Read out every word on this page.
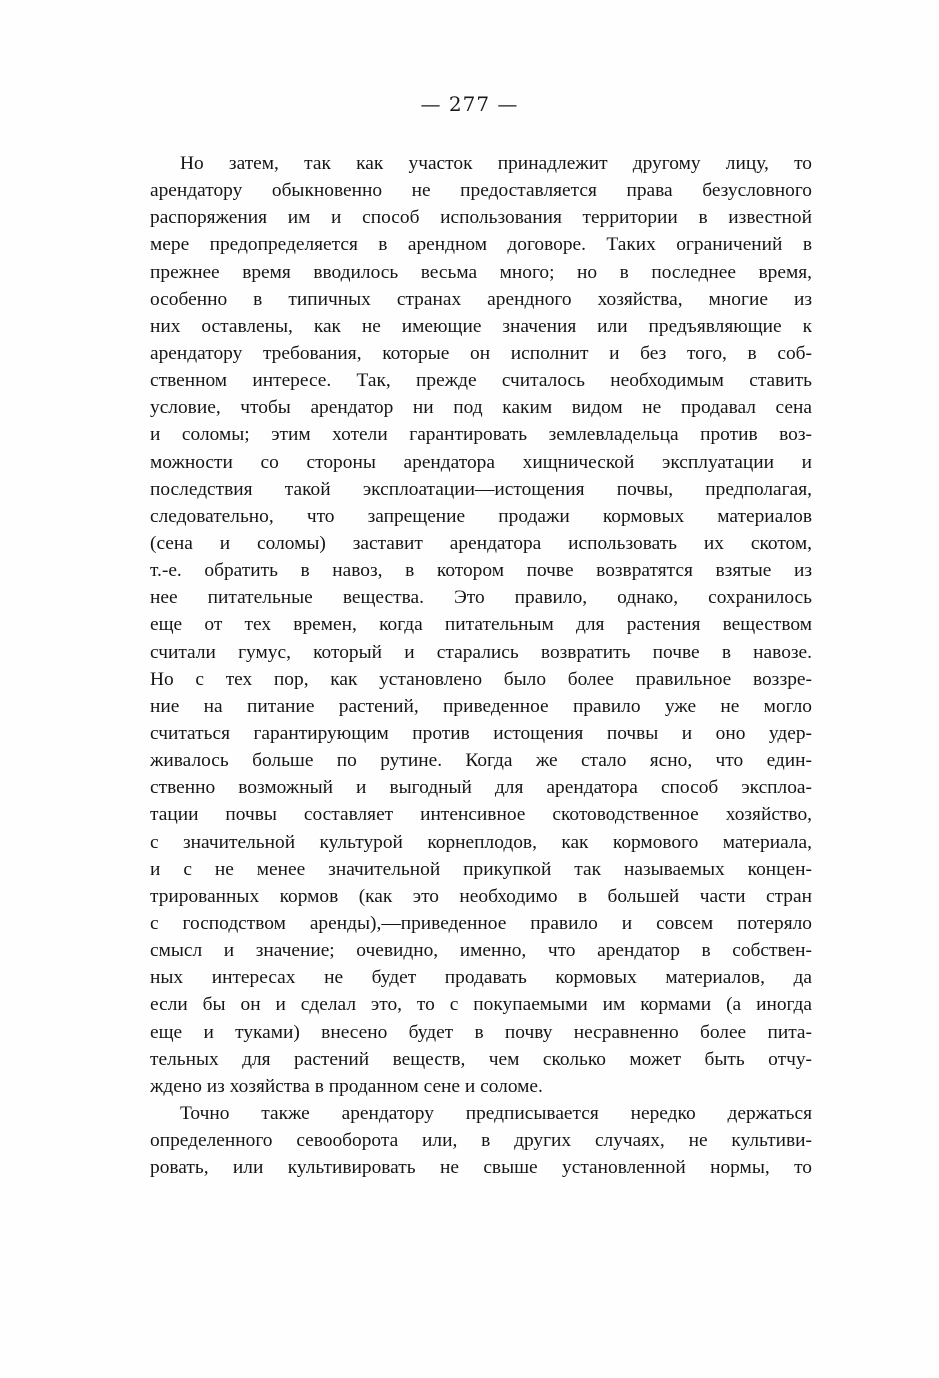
— 277 —
Но затем, так как участок принадлежит другому лицу, то
арендатору обыкновенно не предоставляется права безусловного
распоряжения им и способ использования территории в известной
мере предопределяется в арендном договоре. Таких ограничений в
прежнее время вводилось весьма много; но в последнее время,
особенно в типичных странах арендного хозяйства, многие из
них оставлены, как не имеющие значения или предъявляющие к
арендатору требования, которые он исполнит и без того, в соб-
ственном интересе. Так, прежде считалось необходимым ставить
условие, чтобы арендатор ни под каким видом не продавал сена
и соломы; этим хотели гарантировать землевладельца против воз-
можности со стороны арендатора хищнической эксплуатации и
последствия такой эксплоатации—истощения почвы, предполагая,
следовательно, что запрещение продажи кормовых материалов
(сена и соломы) заставит арендатора использовать их скотом,
т.-е. обратить в навоз, в котором почве возвратятся взятые из
нее питательные вещества. Это правило, однако, сохранилось
еще от тех времен, когда питательным для растения веществом
считали гумус, который и старались возвратить почве в навозе.
Но с тех пор, как установлено было более правильное воззре-
ние на питание растений, приведенное правило уже не могло
считаться гарантирующим против истощения почвы и оно удер-
живалось больше по рутине. Когда же стало ясно, что един-
ственно возможный и выгодный для арендатора способ эксплоа-
тации почвы составляет интенсивное скотоводственное хозяйство,
с значительной культурой корнеплодов, как кормового материала,
и с не менее значительной прикупкой так называемых концен-
трированных кормов (как это необходимо в большей части стран
с господством аренды),—приведенное правило и совсем потеряло
смысл и значение; очевидно, именно, что арендатор в собствен-
ных интересах не будет продавать кормовых материалов, да
если бы он и сделал это, то с покупаемыми им кормами (а иногда
еще и туками) внесено будет в почву несравненно более пита-
тельных для растений веществ, чем сколько может быть отчу-
ждено из хозяйства в проданном сене и соломе.
Точно также арендатору предписывается нередко держаться
определенного севооборота или, в других случаях, не культиви-
ровать, или культивировать не свыше установленной нормы, то
